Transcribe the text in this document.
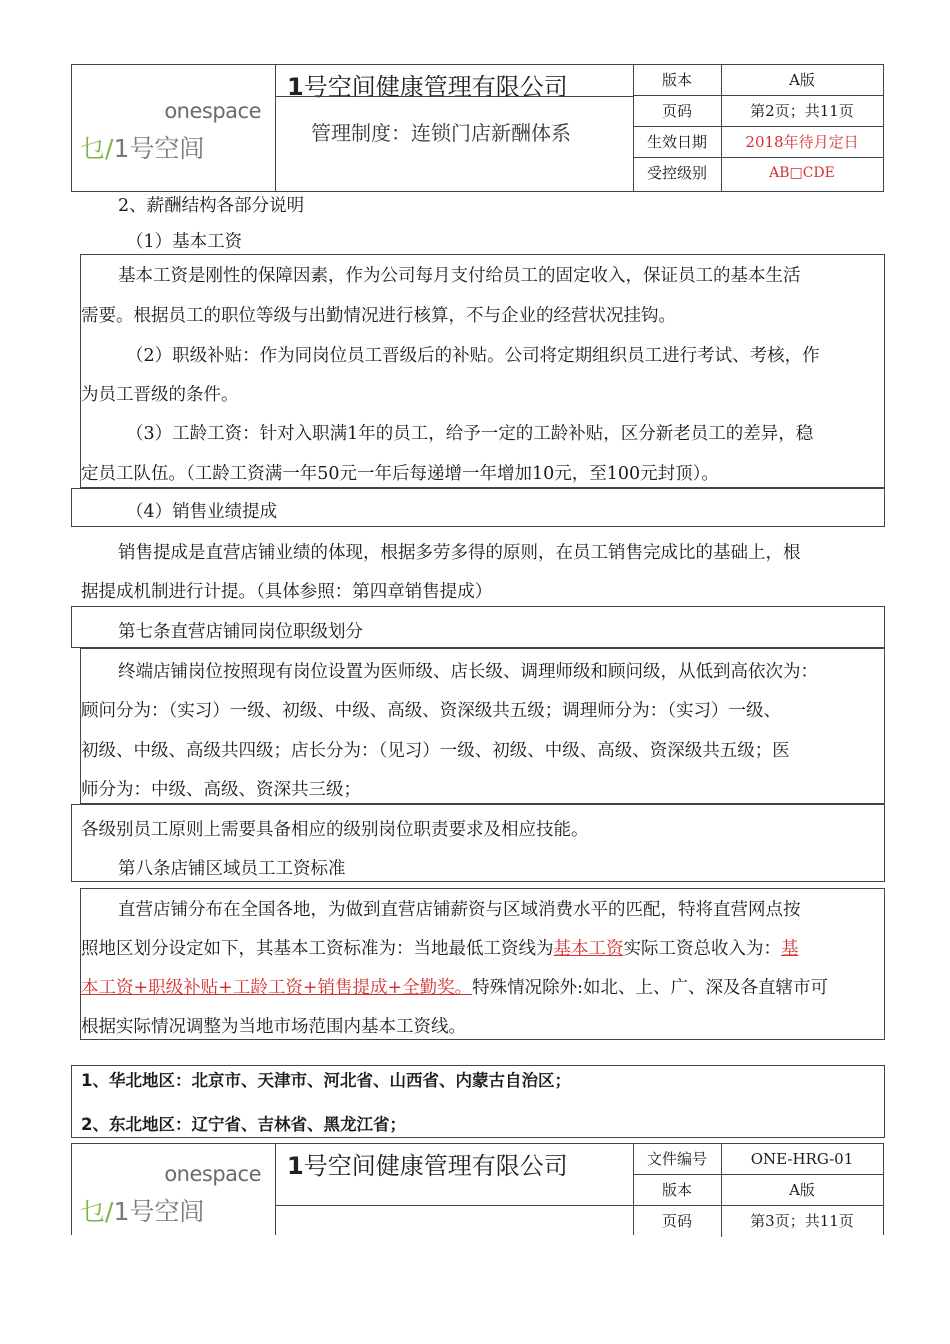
onespace
乜/1号空闾
1号空间健康管理有限公司
管理制度：连锁门店新酬体系
版本	A版
页码	第2页；共11页
生效日期	2018年待月定日
受控级别	AB□CDE
2、薪酬结构各部分说明
（1）基本工资
基本工资是刚性的保障因素，作为公司每月支付给员工的固定收入，保证员工的基本生活
需要。根据员工的职位等级与出勤情况进行核算，不与企业的经营状况挂钩。
（2）职级补贴：作为同岗位员工晋级后的补贴。公司将定期组织员工进行考试、考核，作
为员工晋级的条件。
（3）工龄工资：针对入职满1年的员工，给予一定的工龄补贴，区分新老员工的差异，稳
定员工队伍。（工龄工资满一年50元一年后每递增一年增加10元，至100元封顶）。
（4）销售业绩提成
销售提成是直营店铺业绩的体现，根据多劳多得的原则，在员工销售完成比的基础上，根
据提成机制进行计提。（具体参照：第四章销售提成）
第七条直营店铺同岗位职级划分
终端店铺岗位按照现有岗位设置为医师级、店长级、调理师级和顾问级，从低到高依次为：
顾问分为：（实习）一级、初级、中级、高级、资深级共五级；调理师分为：（实习）一级、
初级、中级、高级共四级；店长分为：（见习）一级、初级、中级、高级、资深级共五级；医
师分为：中级、高级、资深共三级；
各级别员工原则上需要具备相应的级别岗位职责要求及相应技能。
第八条店铺区域员工工资标准
直营店铺分布在全国各地，为做到直营店铺薪资与区域消费水平的匹配，特将直营网点按
照地区划分设定如下，其基本工资标准为：当地最低工资线为基本工资实际工资总收入为：基
本工资+职级补贴+工龄工资+销售提成+全勤奖。特殊情况除外:如北、上、广、深及各直辖市可
根据实际情况调整为当地市场范围内基本工资线。
1、华北地区：北京市、天津市、河北省、山西省、内蒙古自治区；
2、东北地区：辽宁省、吉林省、黑龙江省；
onespace
乜/1号空闾
1号空间健康管理有限公司	文件编号	ONE-HRG-01
版本	A版
页码	第3页；共11页
